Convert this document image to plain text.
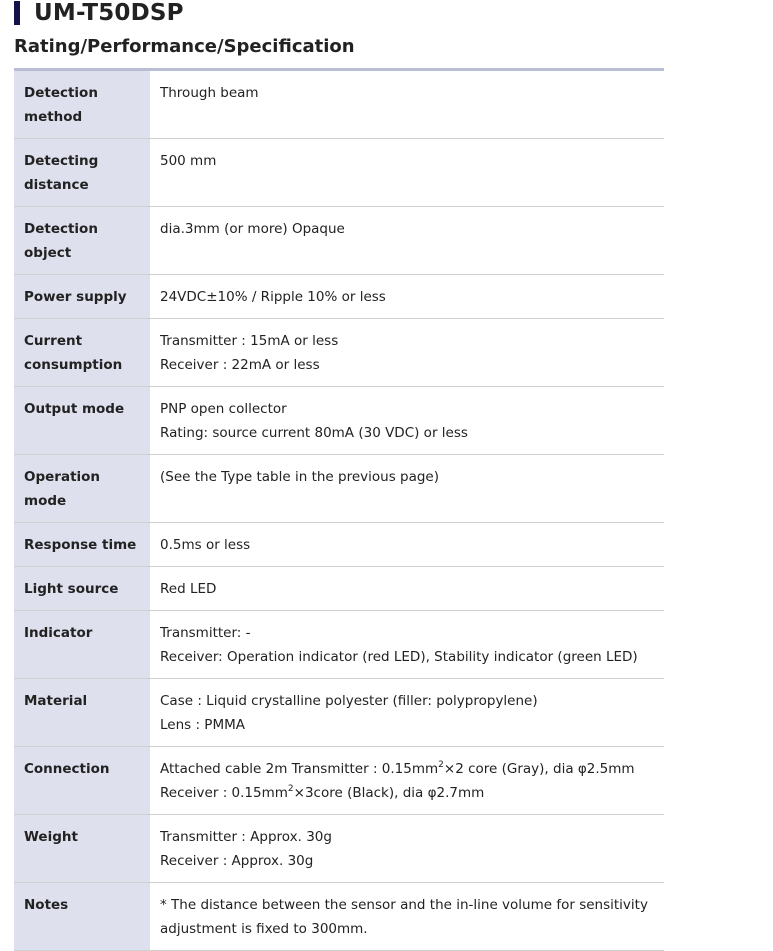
UM-T50DSP
Rating/Performance/Specification
Detection method	Through beam

Detecting distance	500 mm

Detection object	dia.3mm (or more) Opaque

Power supply	24VDC±10% / Ripple 10% or less

Current consumption	Transmitter : 15mA or less
Receiver : 22mA or less

Output mode	PNP open collector
Rating: source current 80mA (30 VDC) or less

Operation mode	(See the Type table in the previous page)

Response time	0.5ms or less

Light source	Red LED

Indicator	Transmitter: -
Receiver: Operation indicator (red LED), Stability indicator (green LED)

Material	Case : Liquid crystalline polyester (filler: polypropylene)
Lens : PMMA

Connection	Attached cable 2m Transmitter : $0.15mm^2\times 2$ core (Gray), dia φ2.5mm
Receiver : $0.15mm^2\times 3core$ (Black), dia φ2.7mm

Weight	Transmitter : Approx. 30g
Receiver : Approx. 30g

Notes	* The distance between the sensor and the in-line volume for sensitivity
adjustment is fixed to 300mm.
